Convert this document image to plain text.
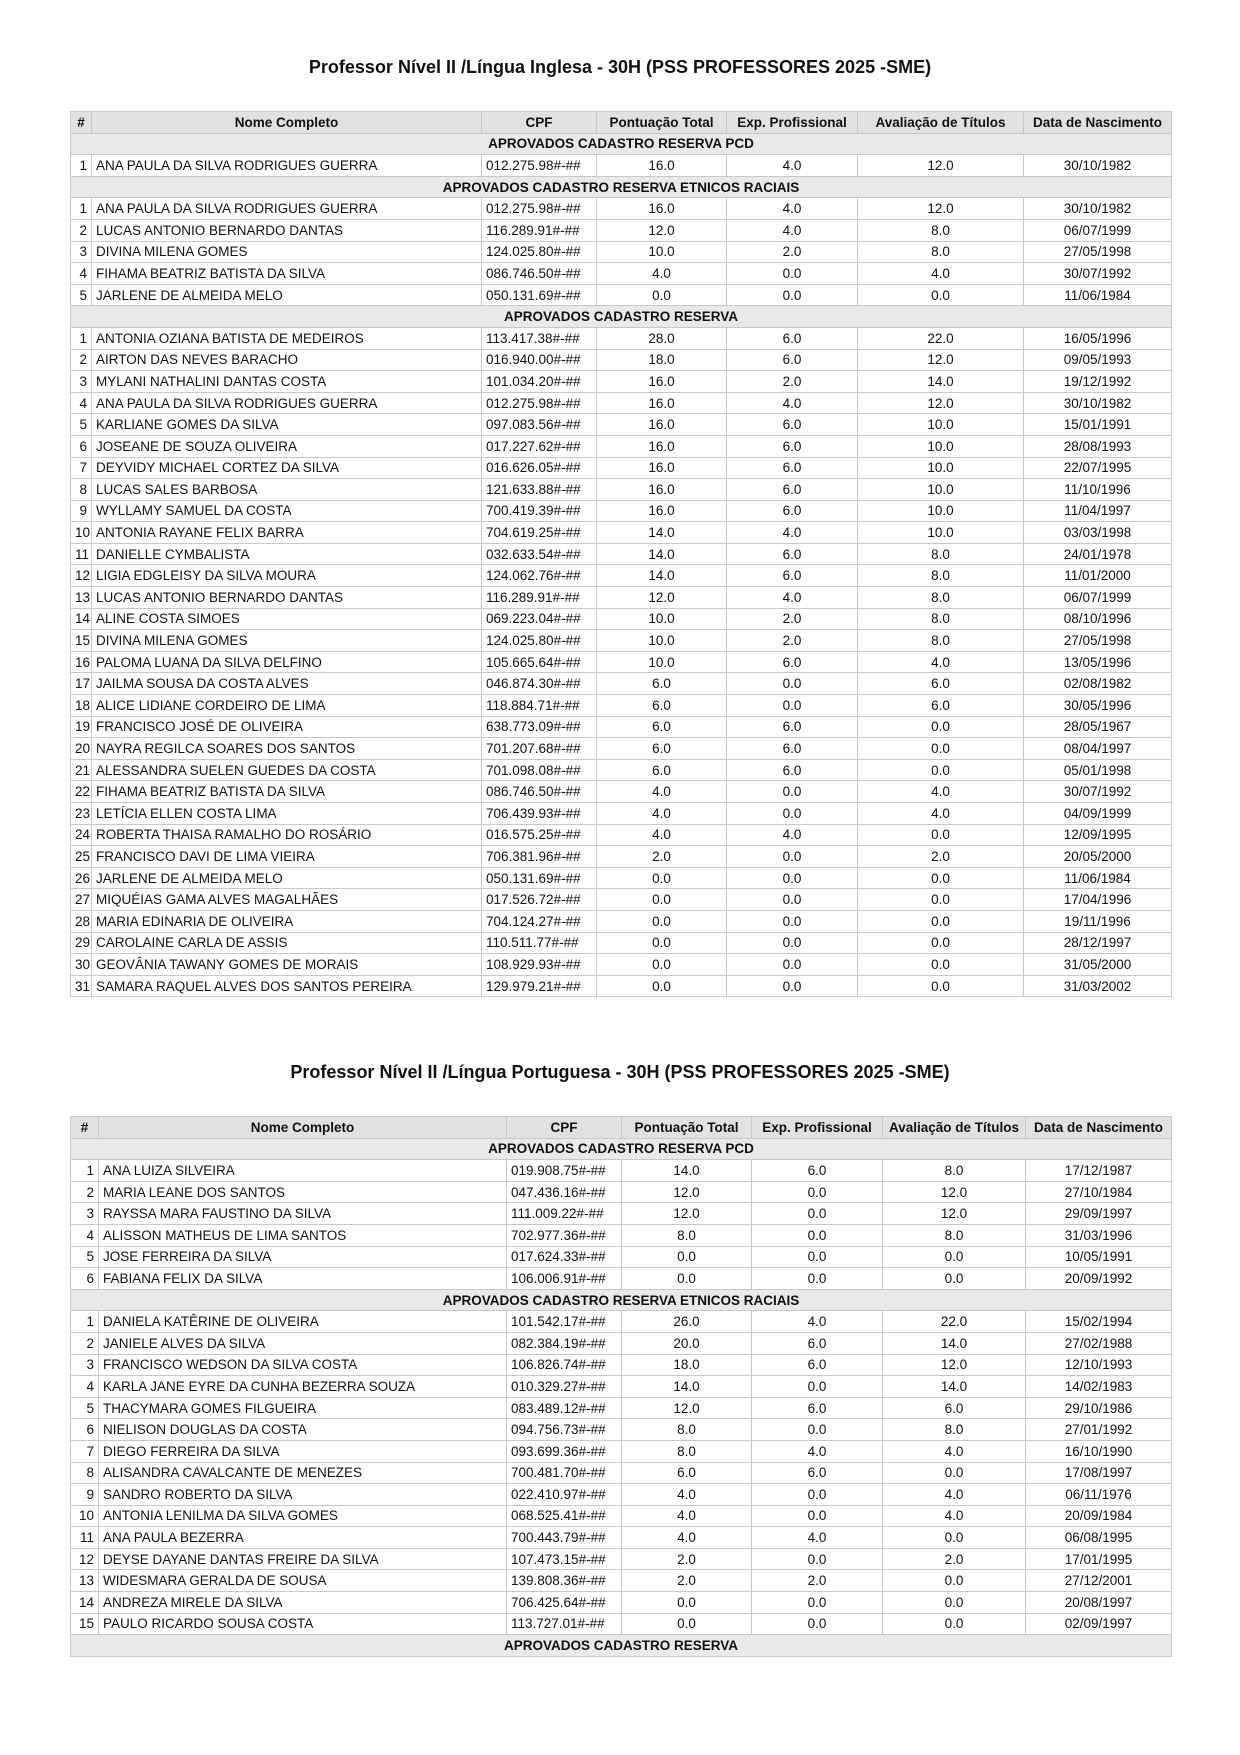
Professor Nível II /Língua Inglesa - 30H (PSS PROFESSORES 2025 -SME)
#	Nome Completo	CPF	Pontuação Total	Exp. Profissional	Avaliação de Títulos	Data de Nascimento
APROVADOS CADASTRO RESERVA PCD						
1	ANA PAULA DA SILVA RODRIGUES GUERRA	012.275.98#-##	16.0	4.0	12.0	30/10/1982
APROVADOS CADASTRO RESERVA ETNICOS RACIAIS						
1	ANA PAULA DA SILVA RODRIGUES GUERRA	012.275.98#-##	16.0	4.0	12.0	30/10/1982
2	LUCAS ANTONIO BERNARDO DANTAS	116.289.91#-##	12.0	4.0	8.0	06/07/1999
3	DIVINA MILENA GOMES	124.025.80#-##	10.0	2.0	8.0	27/05/1998
4	FIHAMA BEATRIZ BATISTA DA SILVA	086.746.50#-##	4.0	0.0	4.0	30/07/1992
5	JARLENE DE ALMEIDA MELO	050.131.69#-##	0.0	0.0	0.0	11/06/1984
APROVADOS CADASTRO RESERVA						
1	ANTONIA OZIANA BATISTA DE MEDEIROS	113.417.38#-##	28.0	6.0	22.0	16/05/1996
2	AIRTON DAS NEVES BARACHO	016.940.00#-##	18.0	6.0	12.0	09/05/1993
3	MYLANI NATHALINI DANTAS COSTA	101.034.20#-##	16.0	2.0	14.0	19/12/1992
4	ANA PAULA DA SILVA RODRIGUES GUERRA	012.275.98#-##	16.0	4.0	12.0	30/10/1982
5	KARLIANE GOMES DA SILVA	097.083.56#-##	16.0	6.0	10.0	15/01/1991
6	JOSEANE DE SOUZA OLIVEIRA	017.227.62#-##	16.0	6.0	10.0	28/08/1993
7	DEYVIDY MICHAEL CORTEZ DA SILVA	016.626.05#-##	16.0	6.0	10.0	22/07/1995
8	LUCAS SALES BARBOSA	121.633.88#-##	16.0	6.0	10.0	11/10/1996
9	WYLLAMY SAMUEL DA COSTA	700.419.39#-##	16.0	6.0	10.0	11/04/1997
10	ANTONIA RAYANE FELIX BARRA	704.619.25#-##	14.0	4.0	10.0	03/03/1998
11	DANIELLE CYMBALISTA	032.633.54#-##	14.0	6.0	8.0	24/01/1978
12	LIGIA EDGLEISY DA SILVA MOURA	124.062.76#-##	14.0	6.0	8.0	11/01/2000
13	LUCAS ANTONIO BERNARDO DANTAS	116.289.91#-##	12.0	4.0	8.0	06/07/1999
14	ALINE COSTA SIMOES	069.223.04#-##	10.0	2.0	8.0	08/10/1996
15	DIVINA MILENA GOMES	124.025.80#-##	10.0	2.0	8.0	27/05/1998
16	PALOMA LUANA DA SILVA DELFINO	105.665.64#-##	10.0	6.0	4.0	13/05/1996
17	JAILMA SOUSA DA COSTA ALVES	046.874.30#-##	6.0	0.0	6.0	02/08/1982
18	ALICE LIDIANE CORDEIRO DE LIMA	118.884.71#-##	6.0	0.0	6.0	30/05/1996
19	FRANCISCO JOSÉ DE OLIVEIRA	638.773.09#-##	6.0	6.0	0.0	28/05/1967
20	NAYRA REGILCA SOARES DOS SANTOS	701.207.68#-##	6.0	6.0	0.0	08/04/1997
21	ALESSANDRA SUELEN GUEDES DA COSTA	701.098.08#-##	6.0	6.0	0.0	05/01/1998
22	FIHAMA BEATRIZ BATISTA DA SILVA	086.746.50#-##	4.0	0.0	4.0	30/07/1992
23	LETÍCIA ELLEN COSTA LIMA	706.439.93#-##	4.0	0.0	4.0	04/09/1999
24	ROBERTA THAISA RAMALHO DO ROSÁRIO	016.575.25#-##	4.0	4.0	0.0	12/09/1995
25	FRANCISCO DAVI DE LIMA VIEIRA	706.381.96#-##	2.0	0.0	2.0	20/05/2000
26	JARLENE DE ALMEIDA MELO	050.131.69#-##	0.0	0.0	0.0	11/06/1984
27	MIQUÉIAS GAMA ALVES MAGALHÃES	017.526.72#-##	0.0	0.0	0.0	17/04/1996
28	MARIA EDINARIA DE OLIVEIRA	704.124.27#-##	0.0	0.0	0.0	19/11/1996
29	CAROLAINE CARLA DE ASSIS	110.511.77#-##	0.0	0.0	0.0	28/12/1997
30	GEOVÂNIA TAWANY GOMES DE MORAIS	108.929.93#-##	0.0	0.0	0.0	31/05/2000
31	SAMARA RAQUEL ALVES DOS SANTOS PEREIRA	129.979.21#-##	0.0	0.0	0.0	31/03/2002
Professor Nível II /Língua Portuguesa - 30H (PSS PROFESSORES 2025 -SME)
#	Nome Completo	CPF	Pontuação Total	Exp. Profissional	Avaliação de Títulos	Data de Nascimento
APROVADOS CADASTRO RESERVA PCD						
1	ANA LUIZA SILVEIRA	019.908.75#-##	14.0	6.0	8.0	17/12/1987
2	MARIA LEANE DOS SANTOS	047.436.16#-##	12.0	0.0	12.0	27/10/1984
3	RAYSSA MARA FAUSTINO DA SILVA	111.009.22#-##	12.0	0.0	12.0	29/09/1997
4	ALISSON MATHEUS DE LIMA SANTOS	702.977.36#-##	8.0	0.0	8.0	31/03/1996
5	JOSE FERREIRA DA SILVA	017.624.33#-##	0.0	0.0	0.0	10/05/1991
6	FABIANA FELIX DA SILVA	106.006.91#-##	0.0	0.0	0.0	20/09/1992
APROVADOS CADASTRO RESERVA ETNICOS RACIAIS						
1	DANIELA KATÊRINE DE OLIVEIRA	101.542.17#-##	26.0	4.0	22.0	15/02/1994
2	JANIELE ALVES DA SILVA	082.384.19#-##	20.0	6.0	14.0	27/02/1988
3	FRANCISCO WEDSON DA SILVA COSTA	106.826.74#-##	18.0	6.0	12.0	12/10/1993
4	KARLA JANE EYRE DA CUNHA BEZERRA SOUZA	010.329.27#-##	14.0	0.0	14.0	14/02/1983
5	THACYMARA GOMES FILGUEIRA	083.489.12#-##	12.0	6.0	6.0	29/10/1986
6	NIELISON DOUGLAS DA COSTA	094.756.73#-##	8.0	0.0	8.0	27/01/1992
7	DIEGO FERREIRA DA SILVA	093.699.36#-##	8.0	4.0	4.0	16/10/1990
8	ALISANDRA CAVALCANTE DE MENEZES	700.481.70#-##	6.0	6.0	0.0	17/08/1997
9	SANDRO ROBERTO DA SILVA	022.410.97#-##	4.0	0.0	4.0	06/11/1976
10	ANTONIA LENILMA DA SILVA GOMES	068.525.41#-##	4.0	0.0	4.0	20/09/1984
11	ANA PAULA BEZERRA	700.443.79#-##	4.0	4.0	0.0	06/08/1995
12	DEYSE DAYANE DANTAS FREIRE DA SILVA	107.473.15#-##	2.0	0.0	2.0	17/01/1995
13	WIDESMARA GERALDA DE SOUSA	139.808.36#-##	2.0	2.0	0.0	27/12/2001
14	ANDREZA MIRELE DA SILVA	706.425.64#-##	0.0	0.0	0.0	20/08/1997
15	PAULO RICARDO SOUSA COSTA	113.727.01#-##	0.0	0.0	0.0	02/09/1997
APROVADOS CADASTRO RESERVA						
